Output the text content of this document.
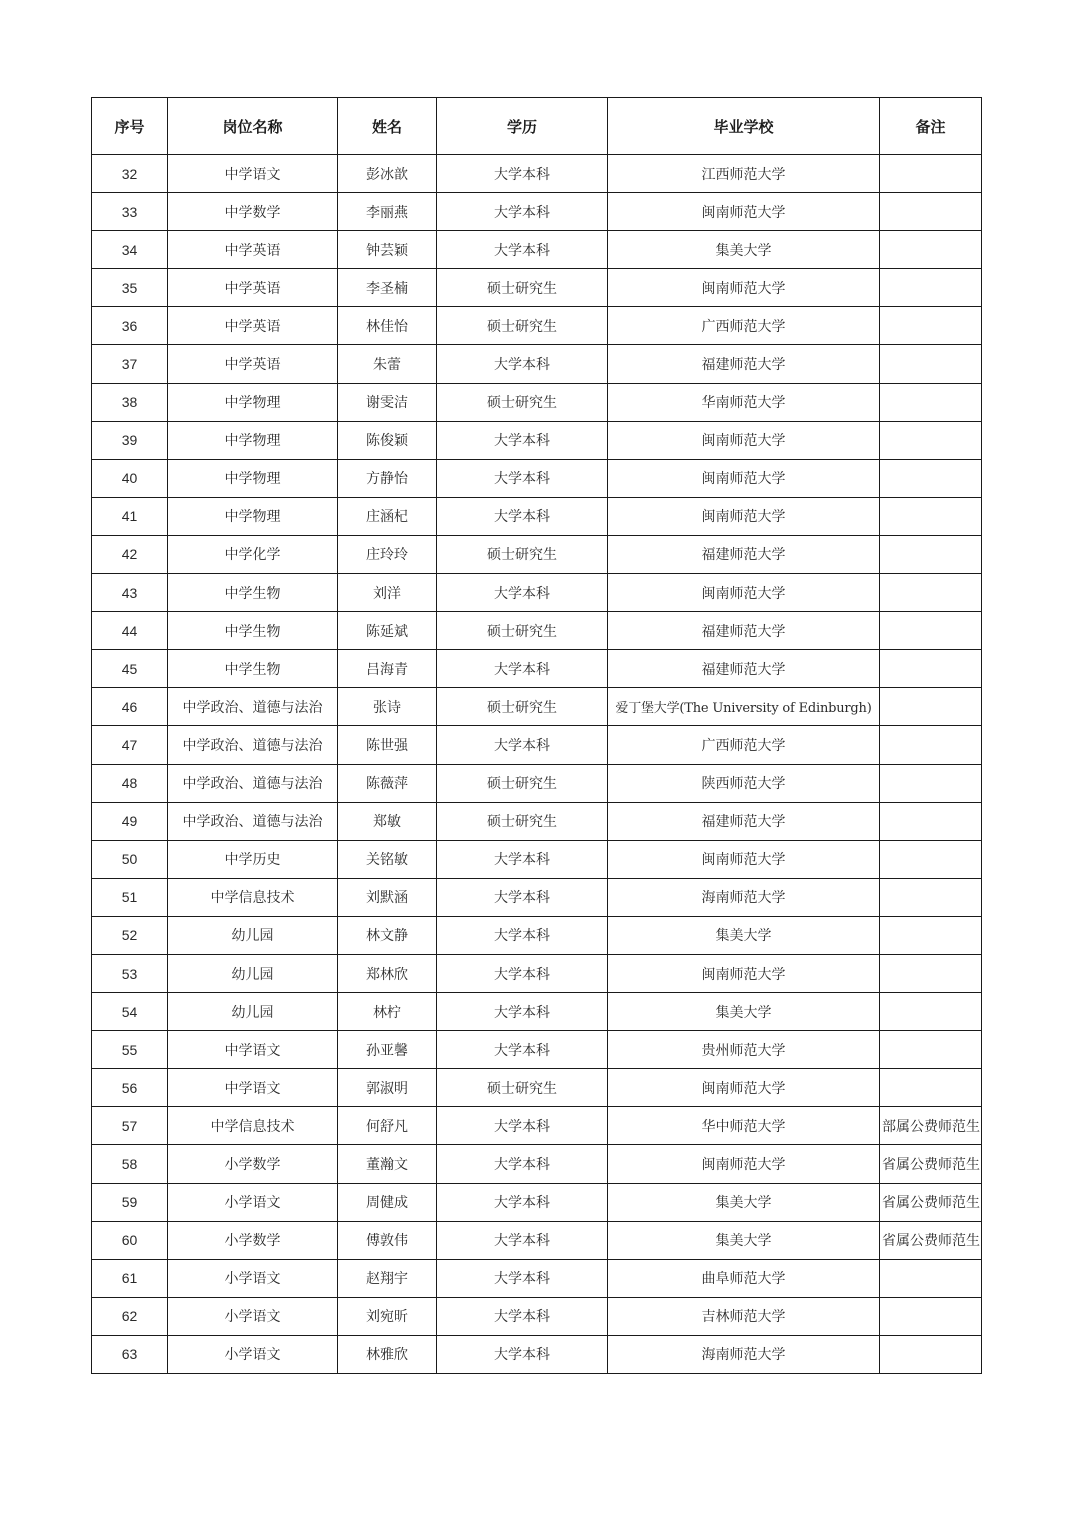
序号	岗位名称	姓名	学历	毕业学校	备注
32	中学语文	彭冰歆	大学本科	江西师范大学	
33	中学数学	李丽燕	大学本科	闽南师范大学	
34	中学英语	钟芸颖	大学本科	集美大学	
35	中学英语	李圣楠	硕士研究生	闽南师范大学	
36	中学英语	林佳怡	硕士研究生	广西师范大学	
37	中学英语	朱蕾	大学本科	福建师范大学	
38	中学物理	谢雯洁	硕士研究生	华南师范大学	
39	中学物理	陈俊颖	大学本科	闽南师范大学	
40	中学物理	方静怡	大学本科	闽南师范大学	
41	中学物理	庄涵杞	大学本科	闽南师范大学	
42	中学化学	庄玲玲	硕士研究生	福建师范大学	
43	中学生物	刘洋	大学本科	闽南师范大学	
44	中学生物	陈延斌	硕士研究生	福建师范大学	
45	中学生物	吕海青	大学本科	福建师范大学	
46	中学政治、道德与法治	张诗	硕士研究生	爱丁堡大学(The University of Edinburgh)	
47	中学政治、道德与法治	陈世强	大学本科	广西师范大学	
48	中学政治、道德与法治	陈薇萍	硕士研究生	陕西师范大学	
49	中学政治、道德与法治	郑敏	硕士研究生	福建师范大学	
50	中学历史	关铭敏	大学本科	闽南师范大学	
51	中学信息技术	刘默涵	大学本科	海南师范大学	
52	幼儿园	林文静	大学本科	集美大学	
53	幼儿园	郑林欣	大学本科	闽南师范大学	
54	幼儿园	林柠	大学本科	集美大学	
55	中学语文	孙亚馨	大学本科	贵州师范大学	
56	中学语文	郭淑明	硕士研究生	闽南师范大学	
57	中学信息技术	何舒凡	大学本科	华中师范大学	部属公费师范生
58	小学数学	董瀚文	大学本科	闽南师范大学	省属公费师范生
59	小学语文	周健成	大学本科	集美大学	省属公费师范生
60	小学数学	傅敦伟	大学本科	集美大学	省属公费师范生
61	小学语文	赵翔宇	大学本科	曲阜师范大学	
62	小学语文	刘宛昕	大学本科	吉林师范大学	
63	小学语文	林雅欣	大学本科	海南师范大学	
